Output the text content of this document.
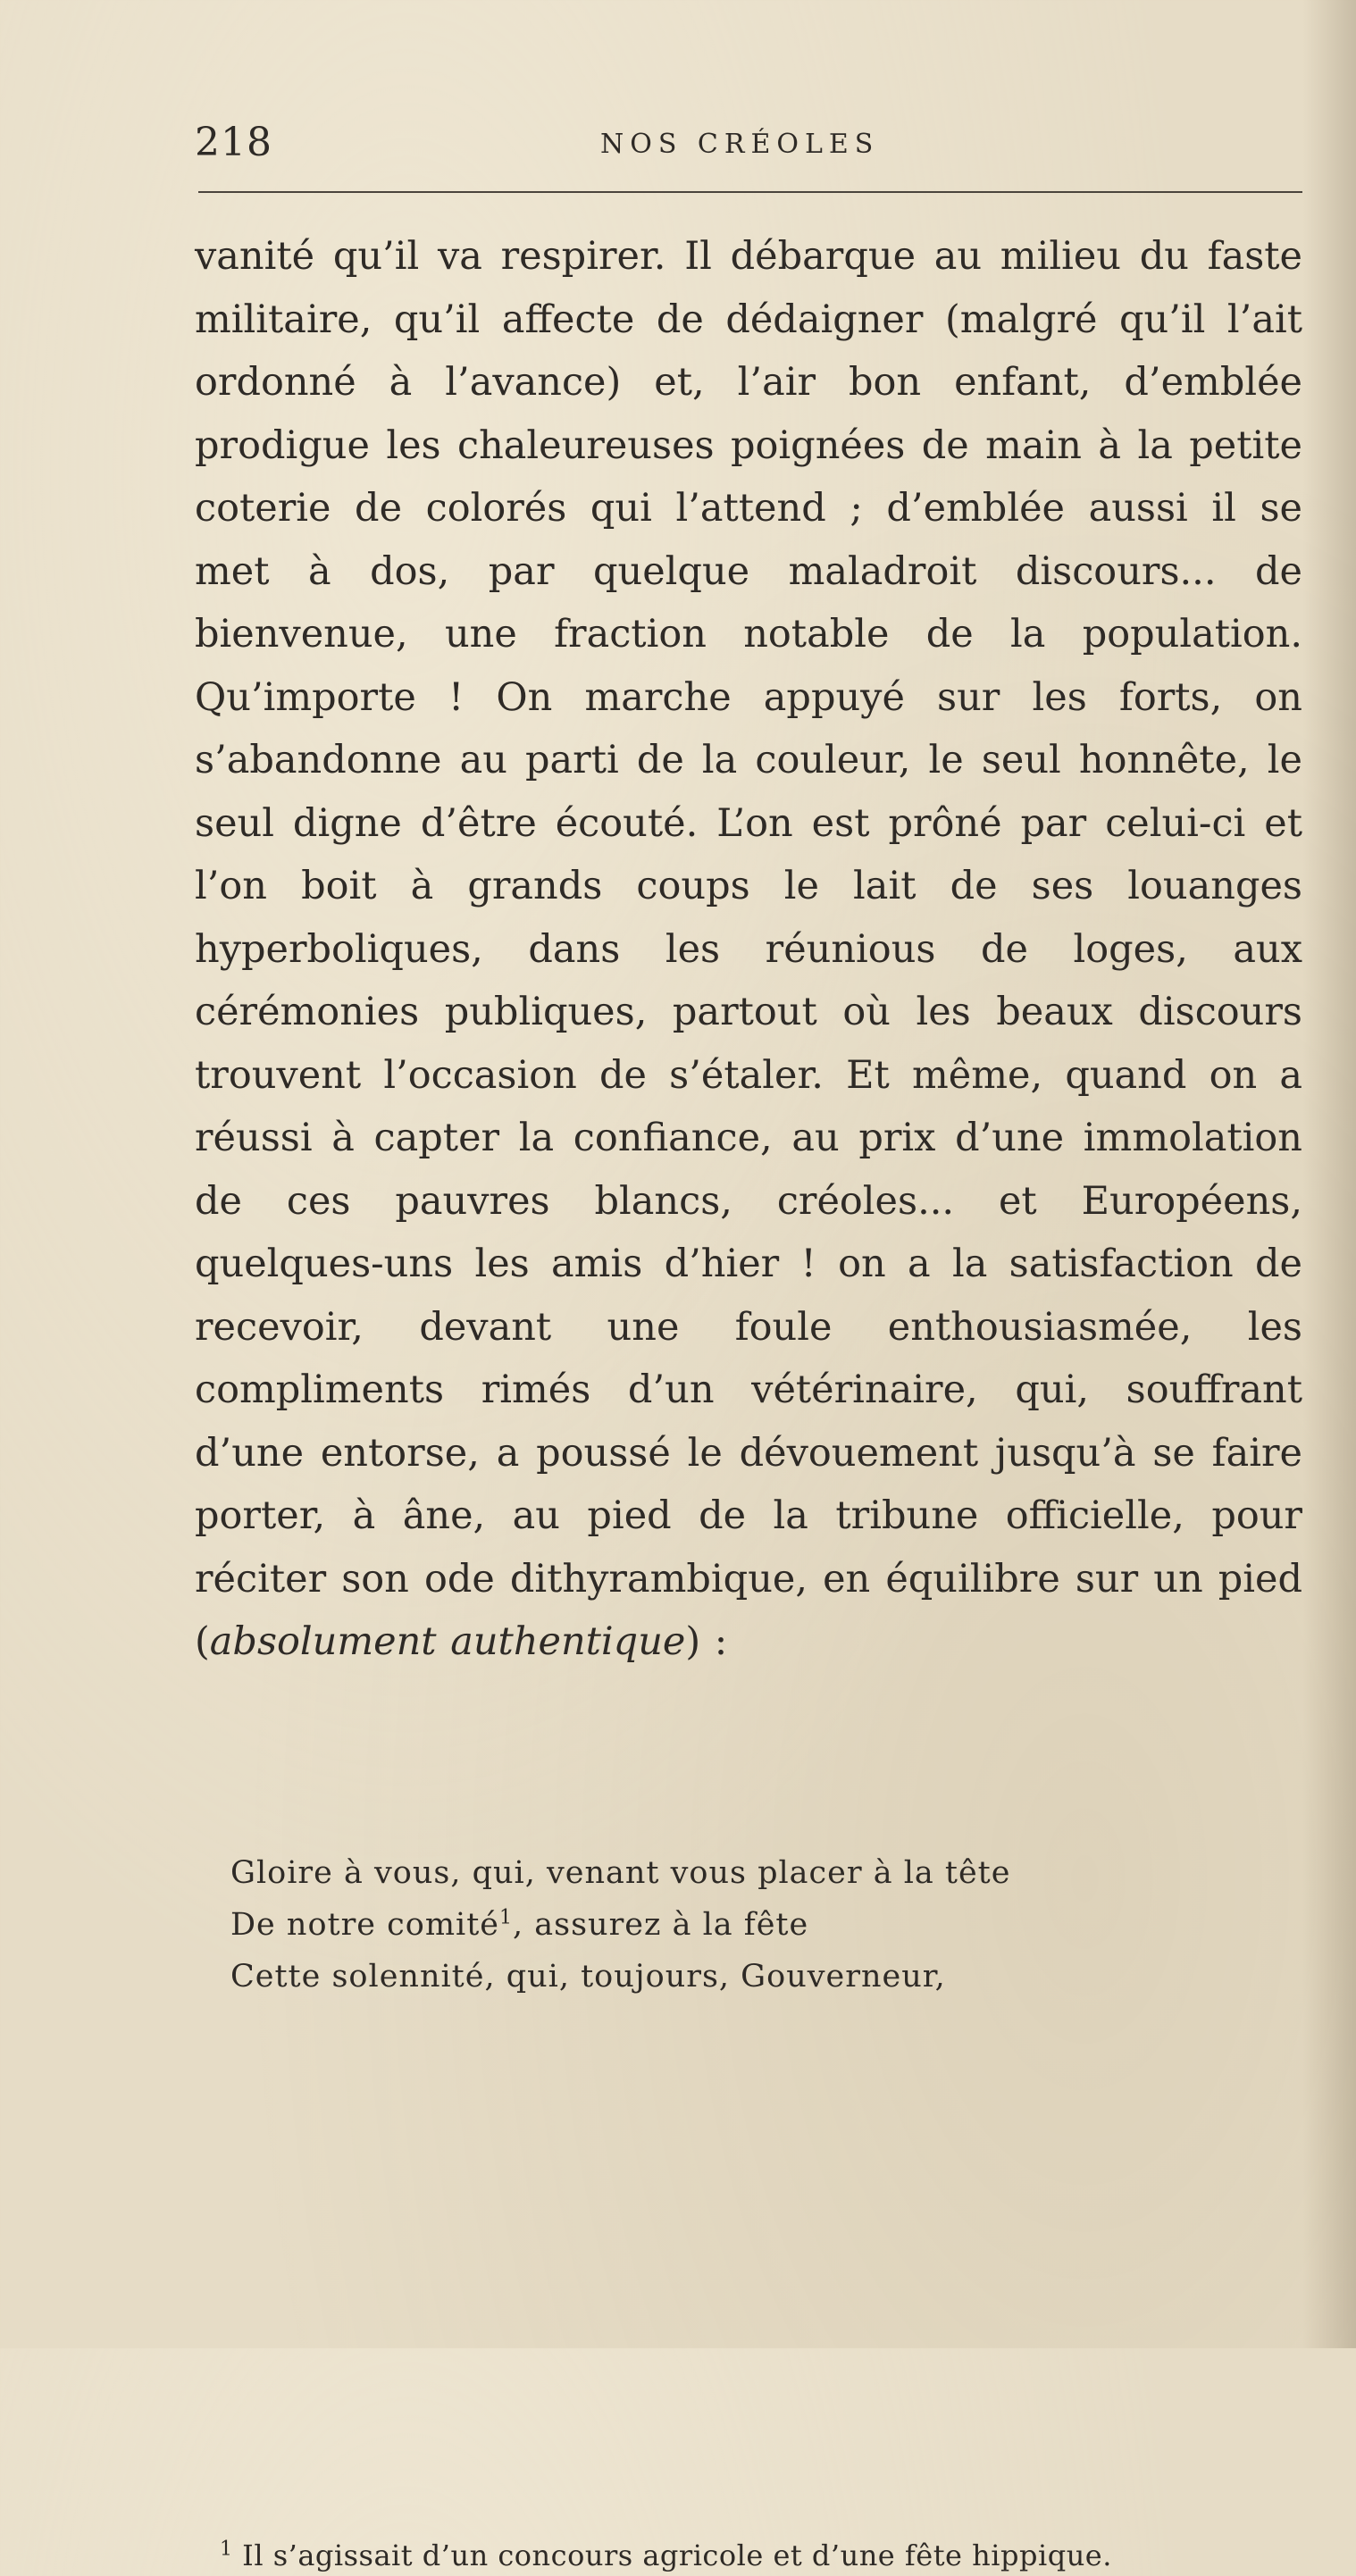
218	NOS CRÉOLES

vanité qu’il va respirer. Il débarque au milieu du faste militaire, qu’il affecte de dédaigner (malgré qu’il l’ait ordonné à l’avance) et, l’air bon enfant, d’emblée prodigue les chaleureuses poignées de main à la petite coterie de colorés qui l’attend ; d’emblée aussi il se met à dos, par quelque maladroit discours... de bienvenue, une fraction notable de la population. Qu’importe ! On marche appuyé sur les forts, on s’abandonne au parti de la couleur, le seul honnête, le seul digne d’être écouté. L’on est prôné par celui-ci et l’on boit à grands coups le lait de ses louanges hyperboliques, dans les réunious de loges, aux cérémonies publiques, partout où les beaux discours trouvent l’occasion de s’étaler. Et même, quand on a réussi à capter la confiance, au prix d’une immolation de ces pauvres blancs, créoles... et Européens, quelques-uns les amis d’hier ! on a la satisfaction de recevoir, devant une foule enthousiasmée, les compliments rimés d’un vétérinaire, qui, souffrant d’une entorse, a poussé le dévouement jusqu’à se faire porter, à âne, au pied de la tribune officielle, pour réciter son ode dithyrambique, en équilibre sur un pied (absolument authentique) :

Gloire à vous, qui, venant vous placer à la tête
De notre comité$^1$, assurez à la fête
Cette solennité, qui, toujours, Gouverneur,
$^1$ Il s’agissait d’un concours agricole et d’une fête hippique.
